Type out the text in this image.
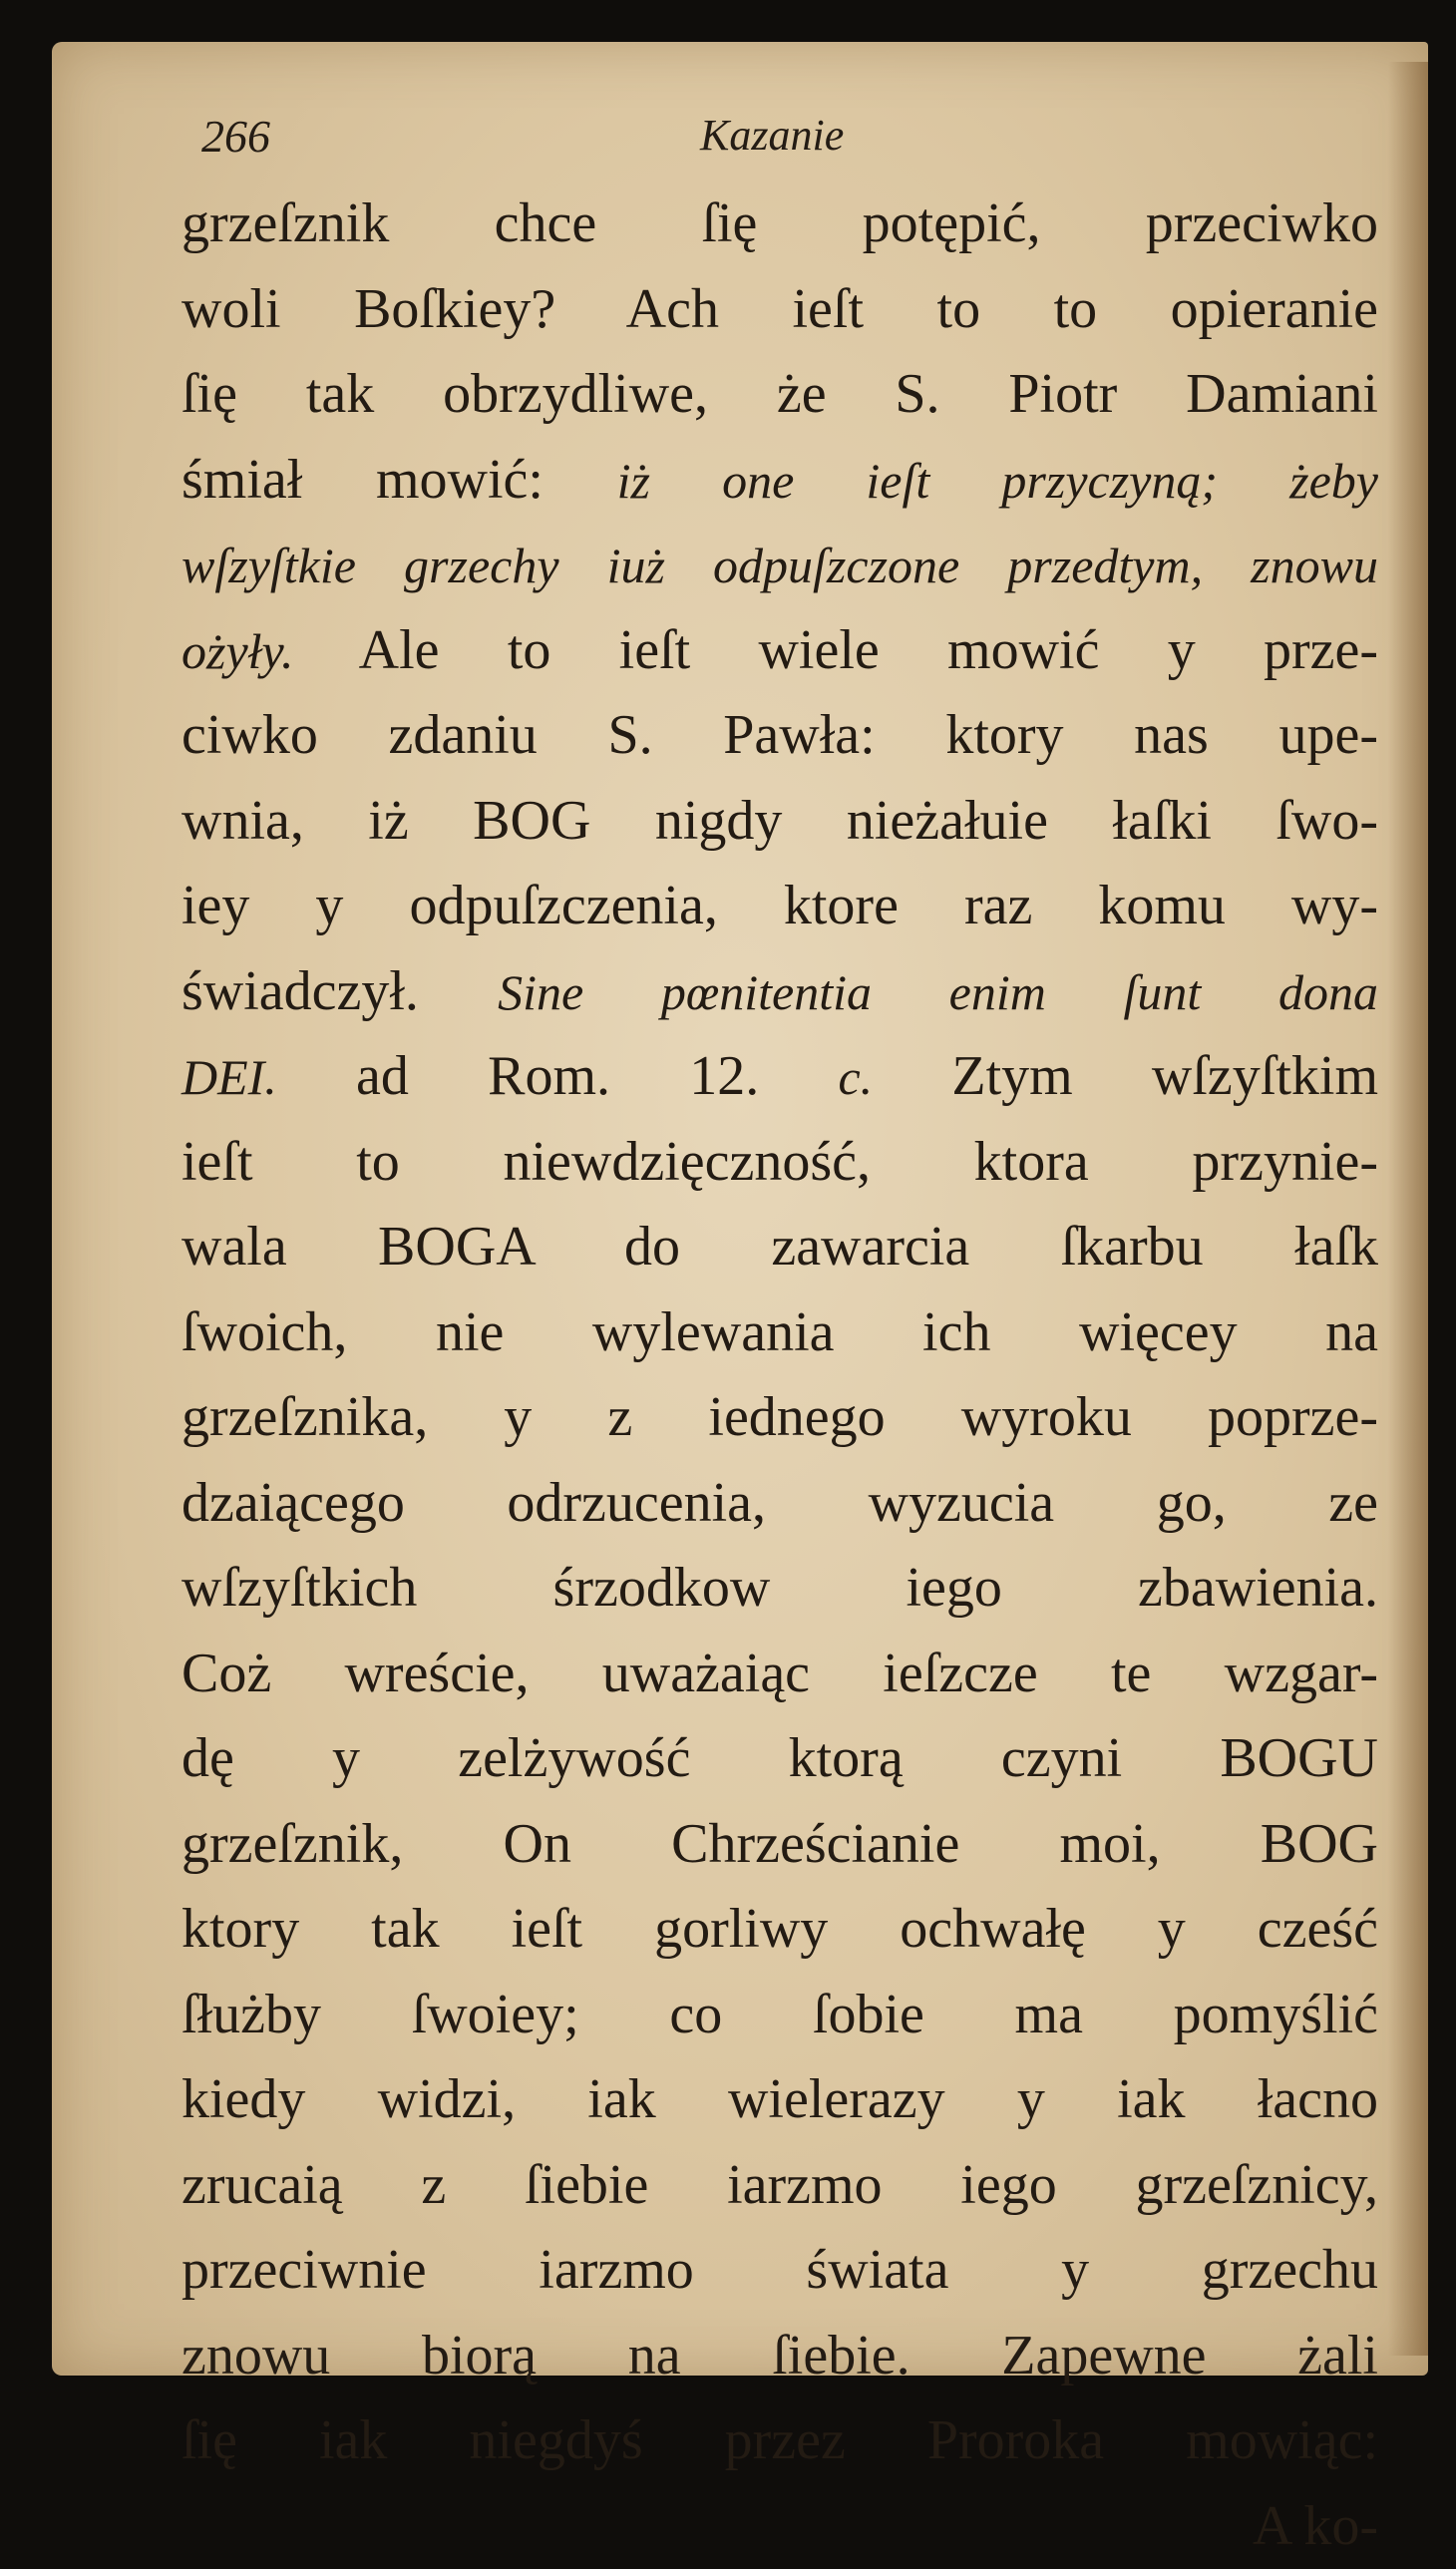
266	Kazanie
grzeſznik chce ſię potępić, przeciwko
woli Boſkiey? Ach ieſt to to opieranie
ſię tak obrzydliwe, że S. Piotr Damiani
śmiał mowić: iż one ieſt przyczyną; żeby
wſzyſtkie grzechy iuż odpuſzczone przedtym, znowu
ożyły. Ale to ieſt wiele mowić y prze-
ciwko zdaniu S. Pawła: ktory nas upe-
wnia, iż BOG nigdy nieżałuie łaſki ſwo-
iey y odpuſzczenia, ktore raz komu wy-
świadczył. Sine pœnitentia enim ſunt dona
DEI. ad Rom. 12. c. Ztym wſzyſtkim
ieſt to niewdzięczność, ktora przynie-
wala BOGA do zawarcia ſkarbu łaſk
ſwoich, nie wylewania ich więcey na
grzeſznika, y z iednego wyroku poprze-
dzaiącego odrzucenia, wyzucia go, ze
wſzyſtkich śrzodkow iego zbawienia.
Coż wreście, uważaiąc ieſzcze te wzgar-
dę y zelżywość ktorą czyni BOGU
grzeſznik, On Chrześcianie moi, BOG
ktory tak ieſt gorliwy ochwałę y cześć
ſłużby ſwoiey; co ſobie ma pomyślić
kiedy widzi, iak wielerazy y iak łacno
zrucaią z ſiebie iarzmo iego grzeſznicy,
przeciwnie iarzmo świata y grzechu
znowu biorą na ſiebie. Zapewne żali
ſię iak niegdyś przez Proroka mowiąc:
A ko-
